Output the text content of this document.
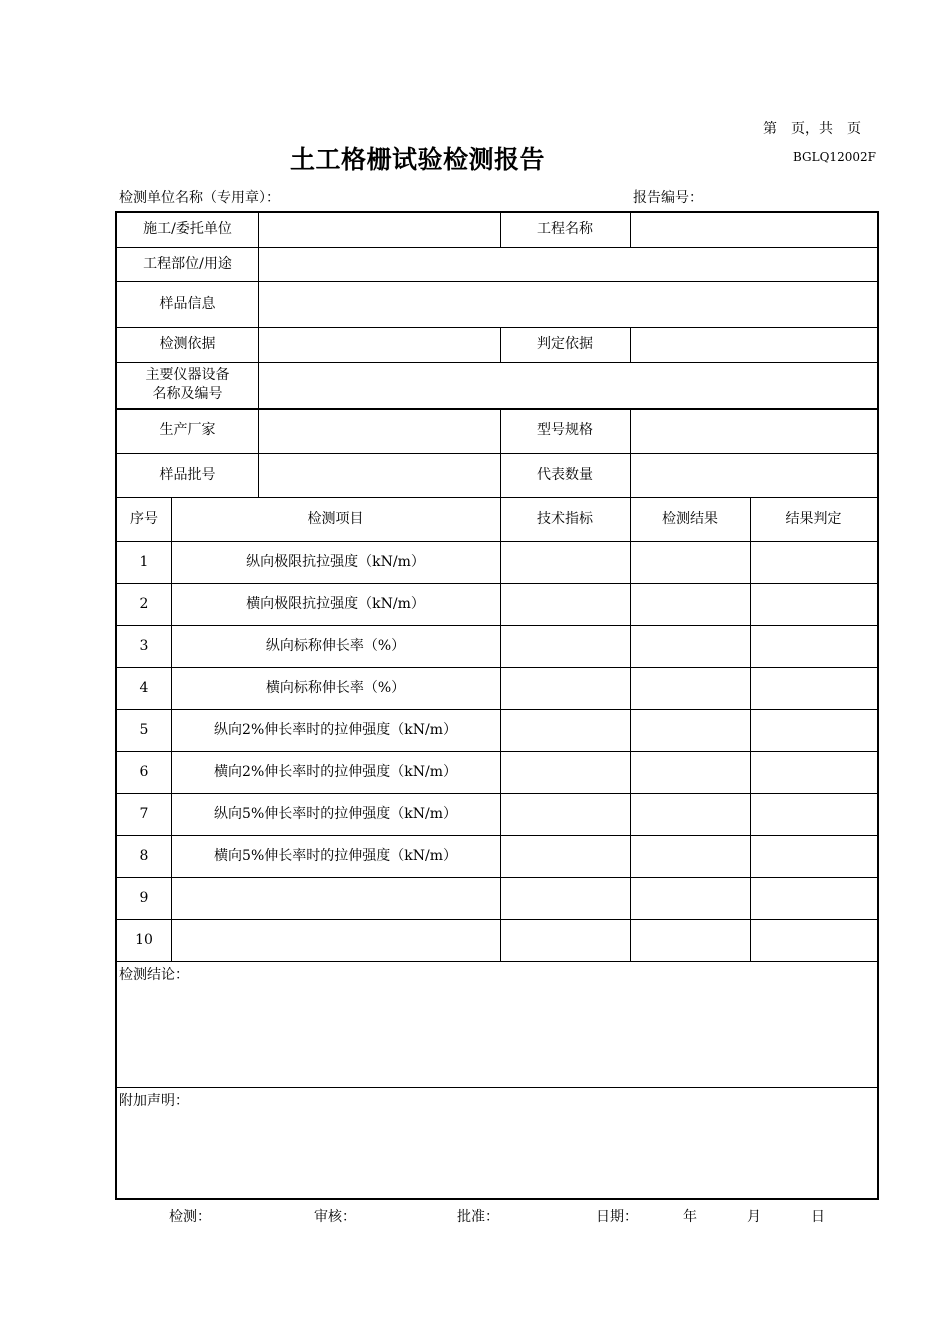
第　页，共　页
土工格栅试验检测报告	BGLQ12002F
检测单位名称（专用章）：	报告编号：
施工/委托单位	工程名称
工程部位/用途
样品信息
检测依据	判定依据
主要仪器设备
名称及编号
生产厂家	型号规格
样品批号	代表数量
序号	检测项目	技术指标	检测结果	结果判定
1	纵向极限抗拉强度（kN/m）
2	横向极限抗拉强度（kN/m）
3	纵向标称伸长率（%）
4	横向标称伸长率（%）
5	纵向2%伸长率时的拉伸强度（kN/m）
6	横向2%伸长率时的拉伸强度（kN/m）
7	纵向5%伸长率时的拉伸强度（kN/m）
8	横向5%伸长率时的拉伸强度（kN/m）
9
10
检测结论：
附加声明：
检测：	审核：	批准：	日期：	年	月	日
